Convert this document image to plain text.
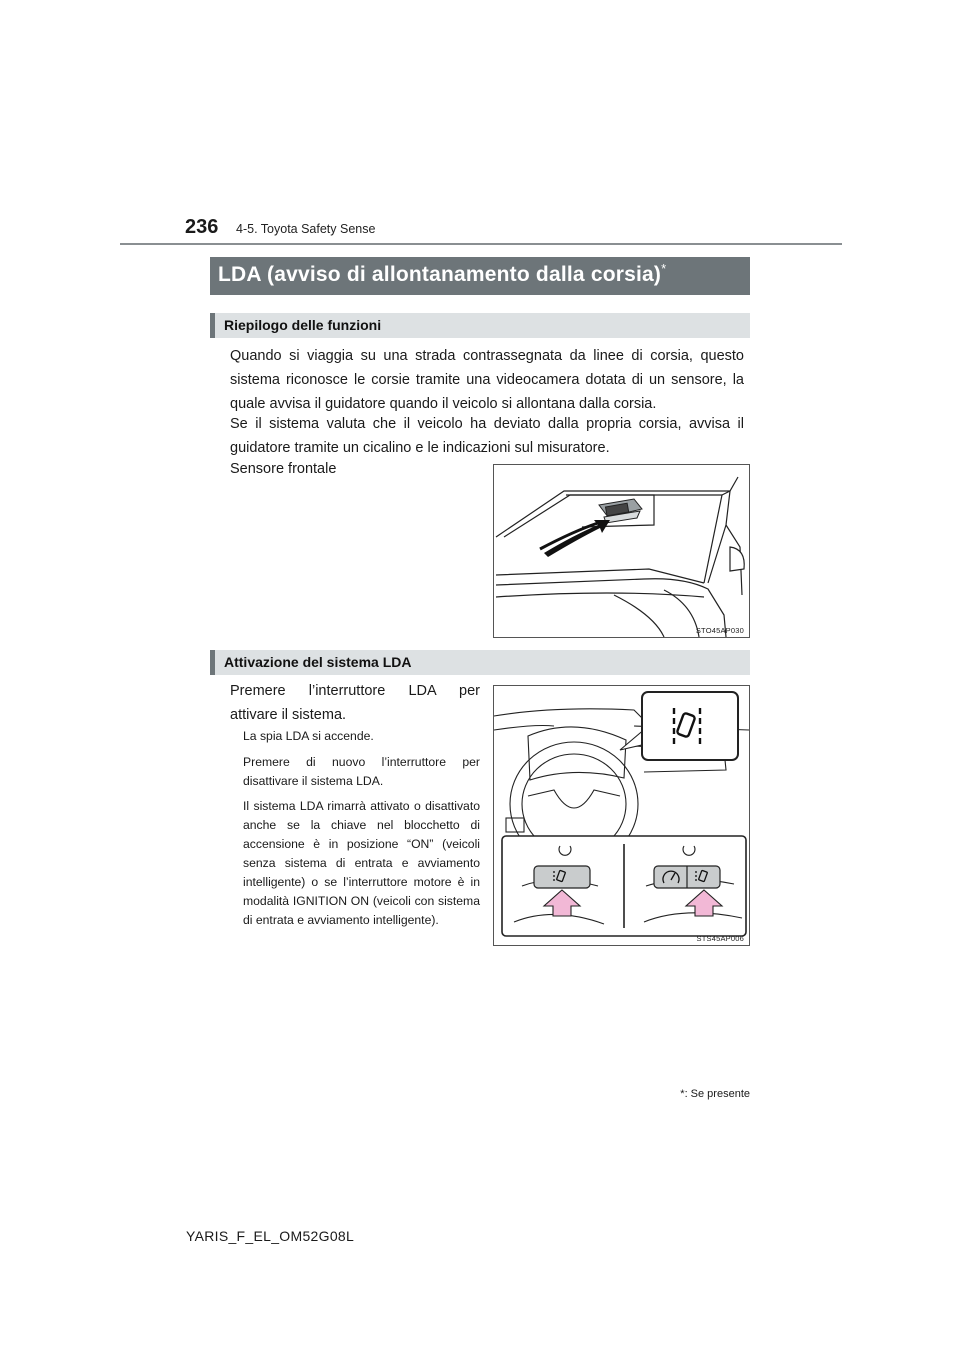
236 4-5. Toyota Safety Sense
LDA (avviso di allontanamento dalla corsia)*
Riepilogo delle funzioni

Quando si viaggia su una strada contrassegnata da linee di corsia, questo sistema riconosce le corsie tramite una videocamera dotata di un sensore, la quale avvisa il guidatore quando il veicolo si allontana dalla corsia.

Se il sistema valuta che il veicolo ha deviato dalla propria corsia, avvisa il guidatore tramite un cicalino e le indicazioni sul misuratore.

Sensore frontale
STO45AP030
Attivazione del sistema LDA
Premere l’interruttore LDA per
attivare il sistema.

La spia LDA si accende.

Premere di nuovo l’interruttore per disattivare il sistema LDA.

Il sistema LDA rimarrà attivato o disattivato anche se la chiave nel blocchetto di accensione è in posizione “ON” (veicoli senza sistema di entrata e avviamento intelligente) o se l’interruttore motore è in modalità IGNITION ON (veicoli con sistema di entrata e avviamento intelligente).

STS45AP006
*: Se presente
YARIS_F_EL_OM52G08L
